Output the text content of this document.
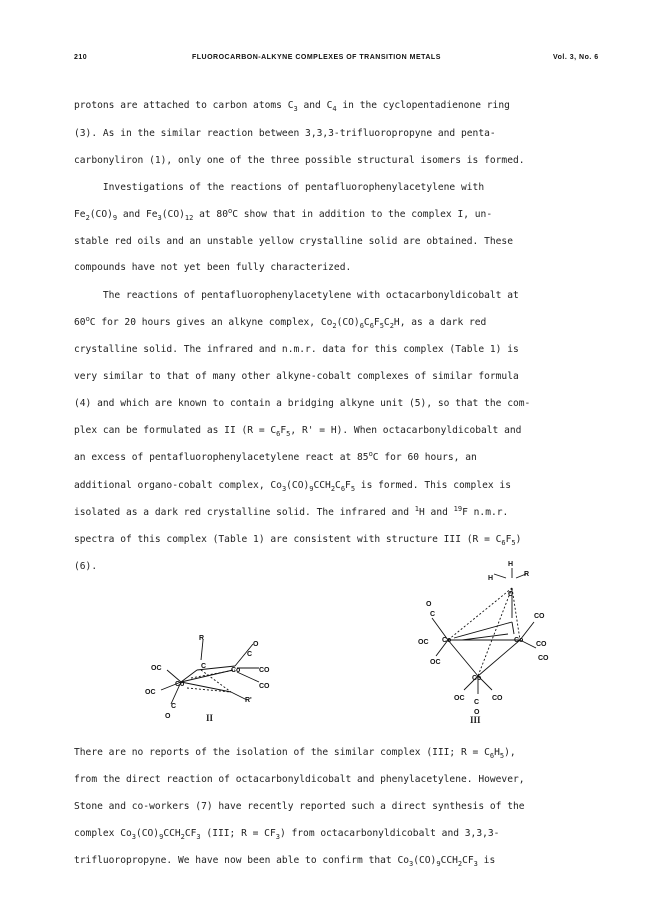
210	FLUOROCARBON-ALKYNE COMPLEXES OF TRANSITION METALS	Vol. 3, No. 6
protons are attached to carbon atoms $C_3$ and $C_4$ in the cyclopentadienone ring
(3). As in the similar reaction between 3,3,3-trifluoropropyne and penta-
carbonyliron (1), only one of the three possible structural isomers is formed.
Investigations of the reactions of pentafluorophenylacetylene with
$Fe_2(CO)_9$ and $Fe_3(CO)_{12}$ at 80$^o$C show that in addition to the complex I, un-
stable red oils and an unstable yellow crystalline solid are obtained. These
compounds have not yet been fully characterized.
The reactions of pentafluorophenylacetylene with octacarbonyldicobalt at
60$^o$C for 20 hours gives an alkyne complex, $Co_2(CO)_6C_6F_5C_2H$, as a dark red
crystalline solid. The infrared and n.m.r. data for this complex (Table 1) is
very similar to that of many other alkyne-cobalt complexes of similar formula
(4) and which are known to contain a bridging alkyne unit (5), so that the com-
plex can be formulated as II ($R = C_6F_5$, R' = H). When octacarbonyldicobalt and
an excess of pentafluorophenylacetylene react at 85$^o$C for 60 hours, an
additional organo-cobalt complex, $Co_3(CO)_9CCH_2C_6F_5$ is formed. This complex is
isolated as a dark red crystalline solid. The infrared and $^1$H and $^{19}$F n.m.r.
spectra of this complex (Table 1) are consistent with structure III $(R = C_6F_5)$
(6).
R
C
Co
Co
O
C
CO
CO
OC
OC
C
O
R'
II
H
H
R
C
Co	Co
Co
O
C	CO
OC	CO
OC
CO
OC
C
O
CO
III
There are no reports of the isolation of the similar complex (III; $R = C_6H_5$),
from the direct reaction of octacarbonyldicobalt and phenylacetylene. However,
Stone and co-workers (7) have recently reported such a direct synthesis of the
complex $Co_3(CO)_9CCH_2CF_3$ (III; $R = CF_3$) from octacarbonyldicobalt and 3,3,3-
trifluoropropyne. We have now been able to confirm that $Co_3(CO)_9CCH_2CF_3$ is
